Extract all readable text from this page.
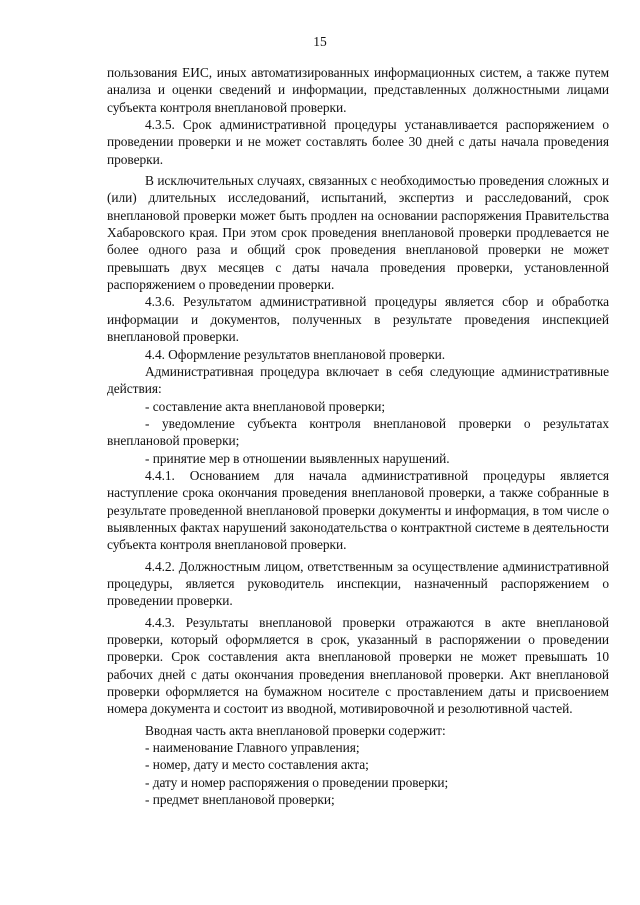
15

пользования ЕИС, иных автоматизированных информационных систем, а также путем анализа и оценки сведений и информации, представленных должностными лицами субъекта контроля внеплановой проверки.

4.3.5. Срок административной процедуры устанавливается распоряжением о проведении проверки и не может составлять более 30 дней с даты начала проведения проверки.

В исключительных случаях, связанных с необходимостью проведения сложных и (или) длительных исследований, испытаний, экспертиз и расследований, срок внеплановой проверки может быть продлен на основании распоряжения Правительства Хабаровского края. При этом срок проведения внеплановой проверки продлевается не более одного раза и общий срок проведения внеплановой проверки не может превышать двух месяцев с даты начала проведения проверки, установленной распоряжением о проведении проверки.

4.3.6. Результатом административной процедуры является сбор и обработка информации и документов, полученных в результате проведения инспекцией внеплановой проверки.

4.4. Оформление результатов внеплановой проверки.

Административная процедура включает в себя следующие административные действия:

- составление акта внеплановой проверки;

- уведомление субъекта контроля внеплановой проверки о результатах внеплановой проверки;

- принятие мер в отношении выявленных нарушений.

4.4.1. Основанием для начала административной процедуры является наступление срока окончания проведения внеплановой проверки, а также собранные в результате проведенной внеплановой проверки документы и информация, в том числе о выявленных фактах нарушений законодательства о контрактной системе в деятельности субъекта контроля внеплановой проверки.

4.4.2. Должностным лицом, ответственным за осуществление административной процедуры, является руководитель инспекции, назначенный распоряжением о проведении проверки.

4.4.3. Результаты внеплановой проверки отражаются в акте внеплановой проверки, который оформляется в срок, указанный в распоряжении о проведении проверки. Срок составления акта внеплановой проверки не может превышать 10 рабочих дней с даты окончания проведения внеплановой проверки. Акт внеплановой проверки оформляется на бумажном носителе с проставлением даты и присвоением номера документа и состоит из вводной, мотивировочной и резолютивной частей.

Вводная часть акта внеплановой проверки содержит:

- наименование Главного управления;

- номер, дату и место составления акта;

- дату и номер распоряжения о проведении проверки;

- предмет внеплановой проверки;
